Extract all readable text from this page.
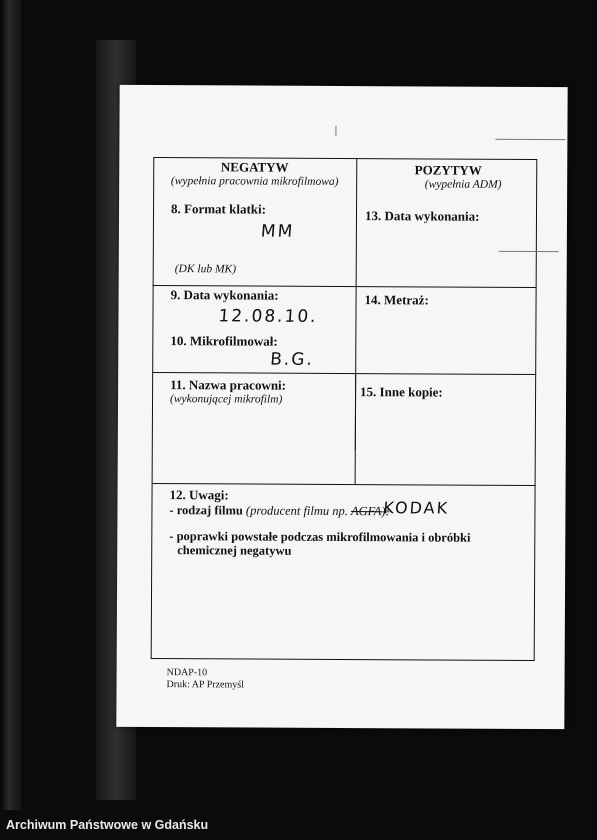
NEGATYW
(wypełnia pracownia mikrofilmowa)
POZYTYW
(wypełnia ADM)
8. Format klatki:
MM
(DK lub MK)
13. Data wykonania:
9. Data wykonania:
12.08.10.
10. Mikrofilmował:
B.G.
14. Metraż:
11. Nazwa pracowni:
(wykonującej mikrofilm)	15. Inne kopie:
12. Uwagi:
- rodzaj filmu (producent filmu np. AGFA):
KODAK
- poprawki powstałe podczas mikrofilmowania i obróbki
chemicznej negatywu
NDAP-10
Druk: AP Przemyśl
Archiwum Państwowe w Gdańsku
